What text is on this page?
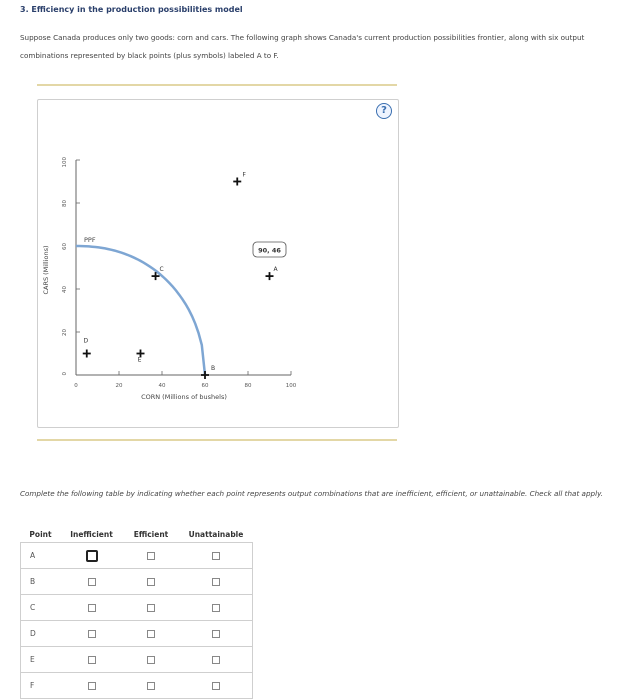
3. Efficiency in the production possibilities model
Suppose Canada produces only two goods: corn and cars. The following graph shows Canada's current production possibilities frontier, along with six output combinations represented by black points (plus symbols) labeled A to F.
?
0
20
40
60
80
100
0	20	40	60	80	100
CARS (Millions)
CORN (Millions of bushels)
PPF
A
B
C
D
E
F
90, 46
Complete the following table by indicating whether each point represents output combinations that are inefficient, efficient, or unattainable. Check all that apply.
Point	Inefficient	Efficient	Unattainable
A			
B			
C			
D			
E			
F			
